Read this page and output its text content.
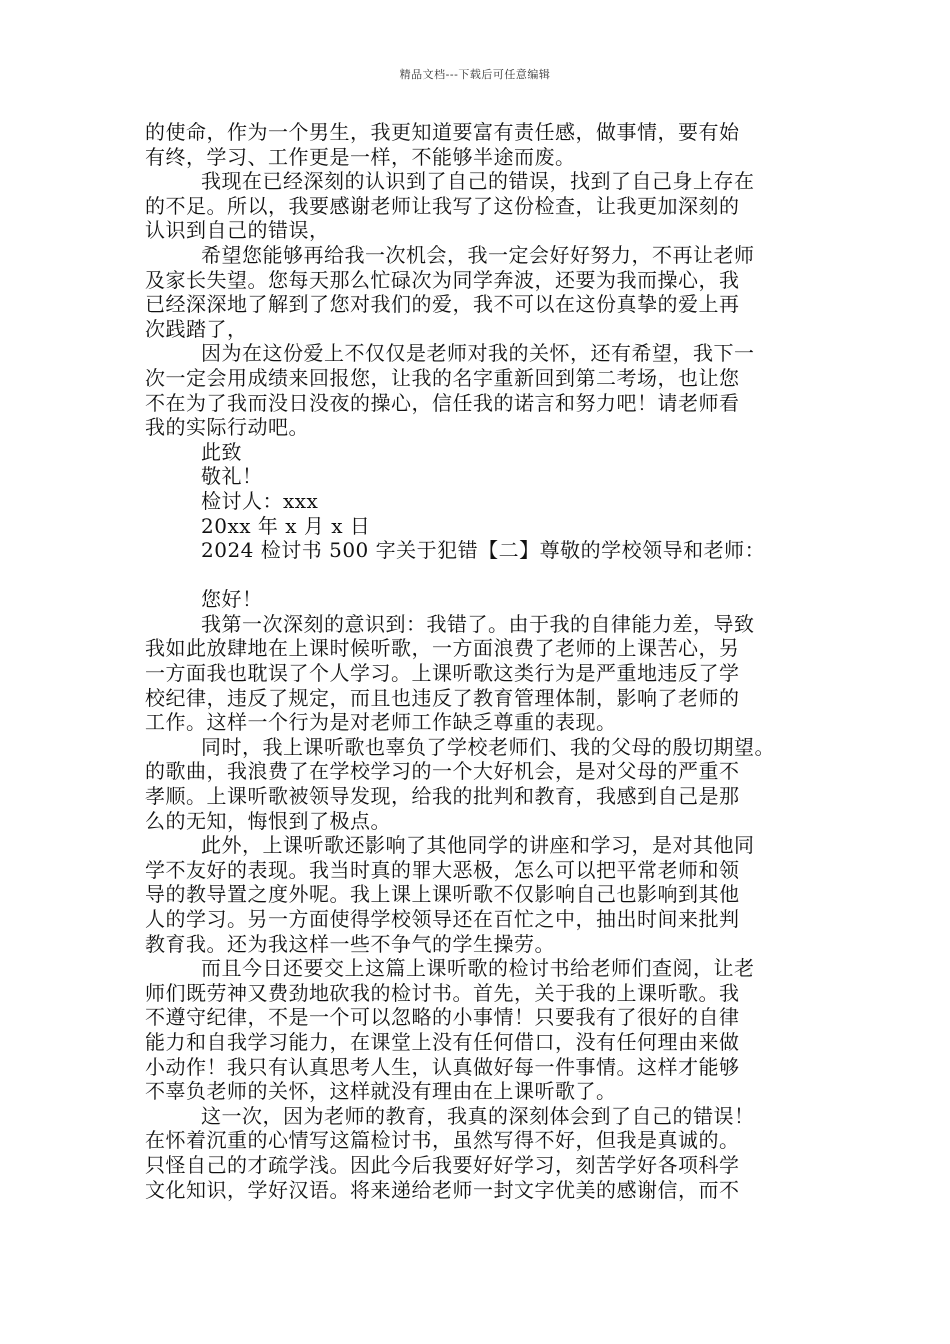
精品文档---下载后可任意编辑
的使命，作为一个男生，我更知道要富有责任感，做事情，要有始
有终，学习、工作更是一样，不能够半途而废。
我现在已经深刻的认识到了自己的错误，找到了自己身上存在
的不足。所以，我要感谢老师让我写了这份检查，让我更加深刻的
认识到自己的错误，
希望您能够再给我一次机会，我一定会好好努力，不再让老师
及家长失望。您每天那么忙碌次为同学奔波，还要为我而操心，我
已经深深地了解到了您对我们的爱，我不可以在这份真挚的爱上再
次践踏了，
因为在这份爱上不仅仅是老师对我的关怀，还有希望，我下一
次一定会用成绩来回报您，让我的名字重新回到第二考场，也让您
不在为了我而没日没夜的操心，信任我的诺言和努力吧！请老师看
我的实际行动吧。
此致
敬礼！
检讨人：xxx
20xx 年 x 月 x 日
2024 检讨书 500 字关于犯错【二】尊敬的学校领导和老师：
您好！
我第一次深刻的意识到：我错了。由于我的自律能力差，导致
我如此放肆地在上课时候听歌，一方面浪费了老师的上课苦心，另
一方面我也耽误了个人学习。上课听歌这类行为是严重地违反了学
校纪律，违反了规定，而且也违反了教育管理体制，影响了老师的
工作。这样一个行为是对老师工作缺乏尊重的表现。
同时，我上课听歌也辜负了学校老师们、我的父母的殷切期望。
的歌曲，我浪费了在学校学习的一个大好机会，是对父母的严重不
孝顺。上课听歌被领导发现，给我的批判和教育，我感到自己是那
么的无知，悔恨到了极点。
此外，上课听歌还影响了其他同学的讲座和学习，是对其他同
学不友好的表现。我当时真的罪大恶极，怎么可以把平常老师和领
导的教导置之度外呢。我上课上课听歌不仅影响自己也影响到其他
人的学习。另一方面使得学校领导还在百忙之中，抽出时间来批判
教育我。还为我这样一些不争气的学生操劳。
而且今日还要交上这篇上课听歌的检讨书给老师们查阅，让老
师们既劳神又费劲地砍我的检讨书。首先，关于我的上课听歌。我
不遵守纪律，不是一个可以忽略的小事情！只要我有了很好的自律
能力和自我学习能力，在课堂上没有任何借口，没有任何理由来做
小动作！我只有认真思考人生，认真做好每一件事情。这样才能够
不辜负老师的关怀，这样就没有理由在上课听歌了。
这一次，因为老师的教育，我真的深刻体会到了自己的错误！
在怀着沉重的心情写这篇检讨书，虽然写得不好，但我是真诚的。
只怪自己的才疏学浅。因此今后我要好好学习，刻苦学好各项科学
文化知识，学好汉语。将来递给老师一封文字优美的感谢信，而不
